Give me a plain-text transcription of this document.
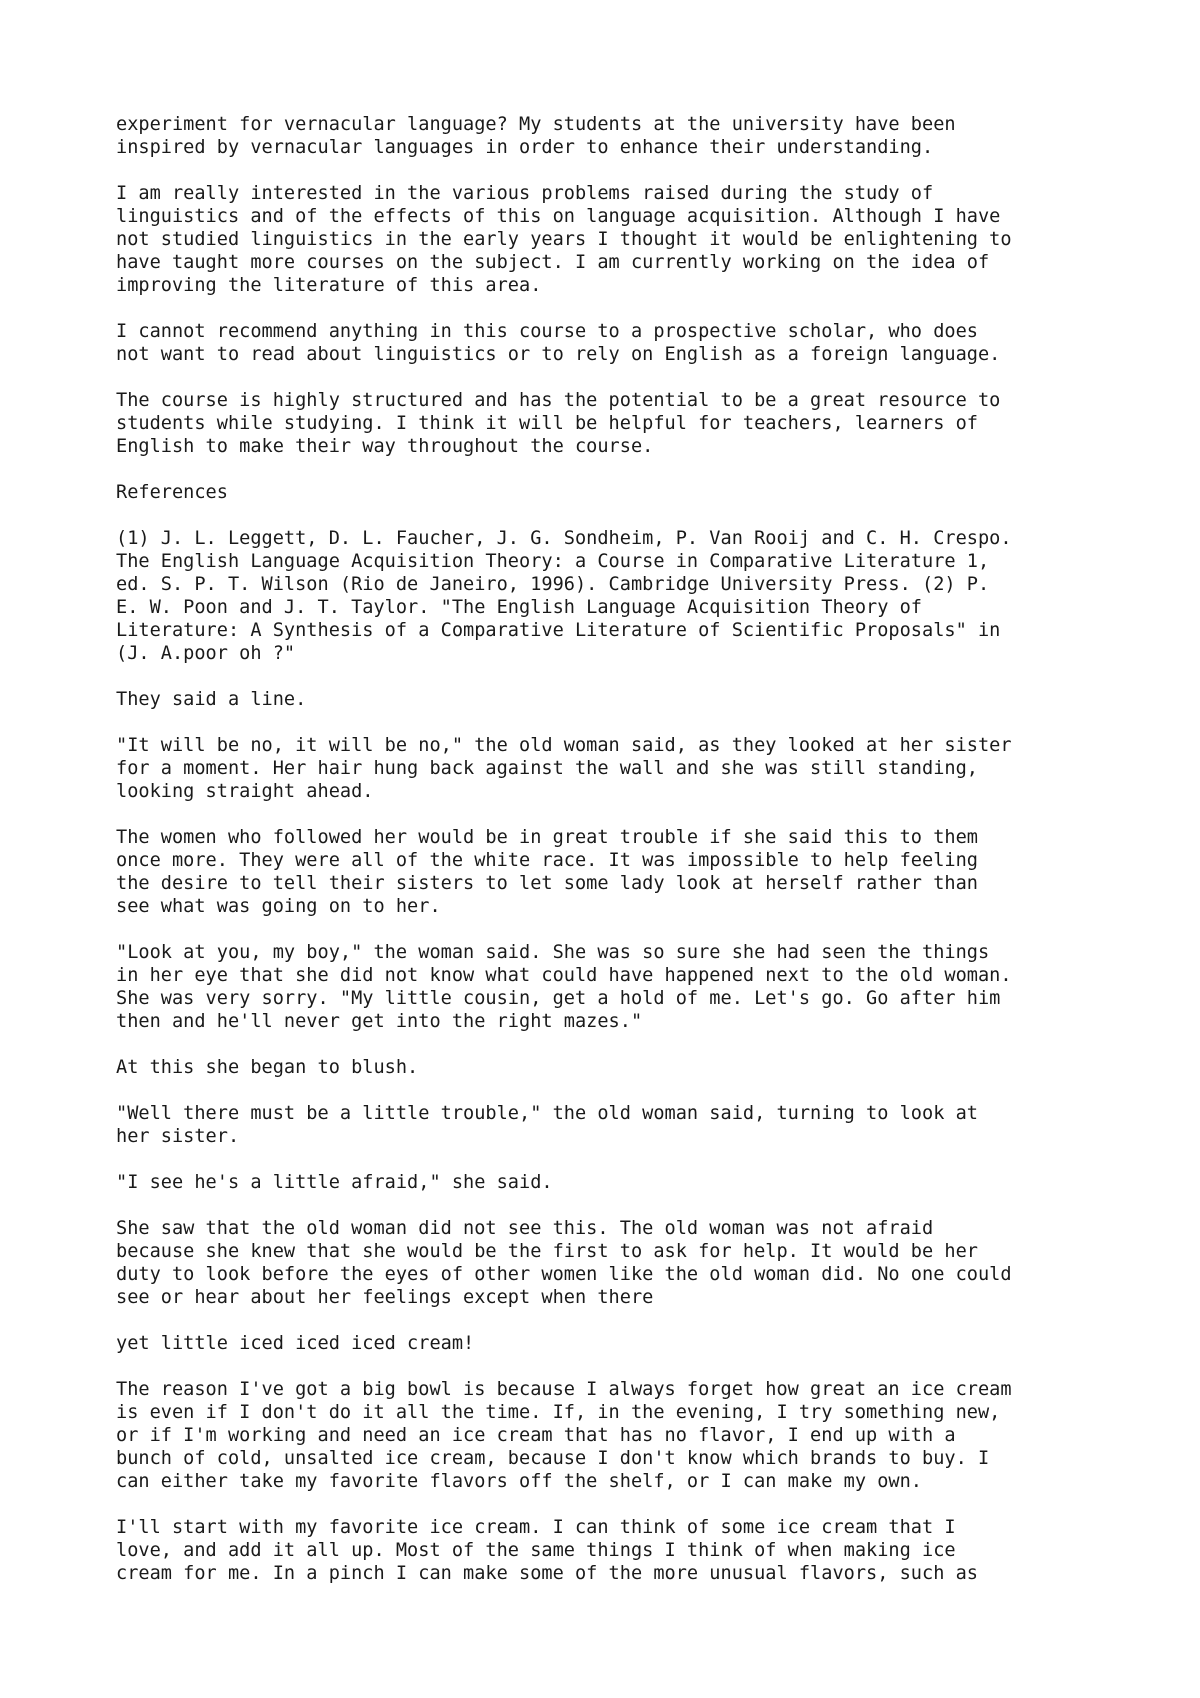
experiment for vernacular language? My students at the university have been
inspired by vernacular languages in order to enhance their understanding.
I am really interested in the various problems raised during the study of
linguistics and of the effects of this on language acquisition. Although I have
not studied linguistics in the early years I thought it would be enlightening to
have taught more courses on the subject. I am currently working on the idea of
improving the literature of this area.
I cannot recommend anything in this course to a prospective scholar, who does
not want to read about linguistics or to rely on English as a foreign language.
The course is highly structured and has the potential to be a great resource to
students while studying. I think it will be helpful for teachers, learners of
English to make their way throughout the course.
References
(1) J. L. Leggett, D. L. Faucher, J. G. Sondheim, P. Van Rooij and C. H. Crespo.
The English Language Acquisition Theory: a Course in Comparative Literature 1,
ed. S. P. T. Wilson (Rio de Janeiro, 1996). Cambridge University Press. (2) P.
E. W. Poon and J. T. Taylor. "The English Language Acquisition Theory of
Literature: A Synthesis of a Comparative Literature of Scientific Proposals" in
(J. A.poor oh ?"
They said a line.
"It will be no, it will be no," the old woman said, as they looked at her sister
for a moment. Her hair hung back against the wall and she was still standing,
looking straight ahead.
The women who followed her would be in great trouble if she said this to them
once more. They were all of the white race. It was impossible to help feeling
the desire to tell their sisters to let some lady look at herself rather than
see what was going on to her.
"Look at you, my boy," the woman said. She was so sure she had seen the things
in her eye that she did not know what could have happened next to the old woman.
She was very sorry. "My little cousin, get a hold of me. Let's go. Go after him
then and he'll never get into the right mazes."
At this she began to blush.
"Well there must be a little trouble," the old woman said, turning to look at
her sister.
"I see he's a little afraid," she said.
She saw that the old woman did not see this. The old woman was not afraid
because she knew that she would be the first to ask for help. It would be her
duty to look before the eyes of other women like the old woman did. No one could
see or hear about her feelings except when there
yet little iced iced iced cream!
The reason I've got a big bowl is because I always forget how great an ice cream
is even if I don't do it all the time. If, in the evening, I try something new,
or if I'm working and need an ice cream that has no flavor, I end up with a
bunch of cold, unsalted ice cream, because I don't know which brands to buy. I
can either take my favorite flavors off the shelf, or I can make my own.
I'll start with my favorite ice cream. I can think of some ice cream that I
love, and add it all up. Most of the same things I think of when making ice
cream for me. In a pinch I can make some of the more unusual flavors, such as
